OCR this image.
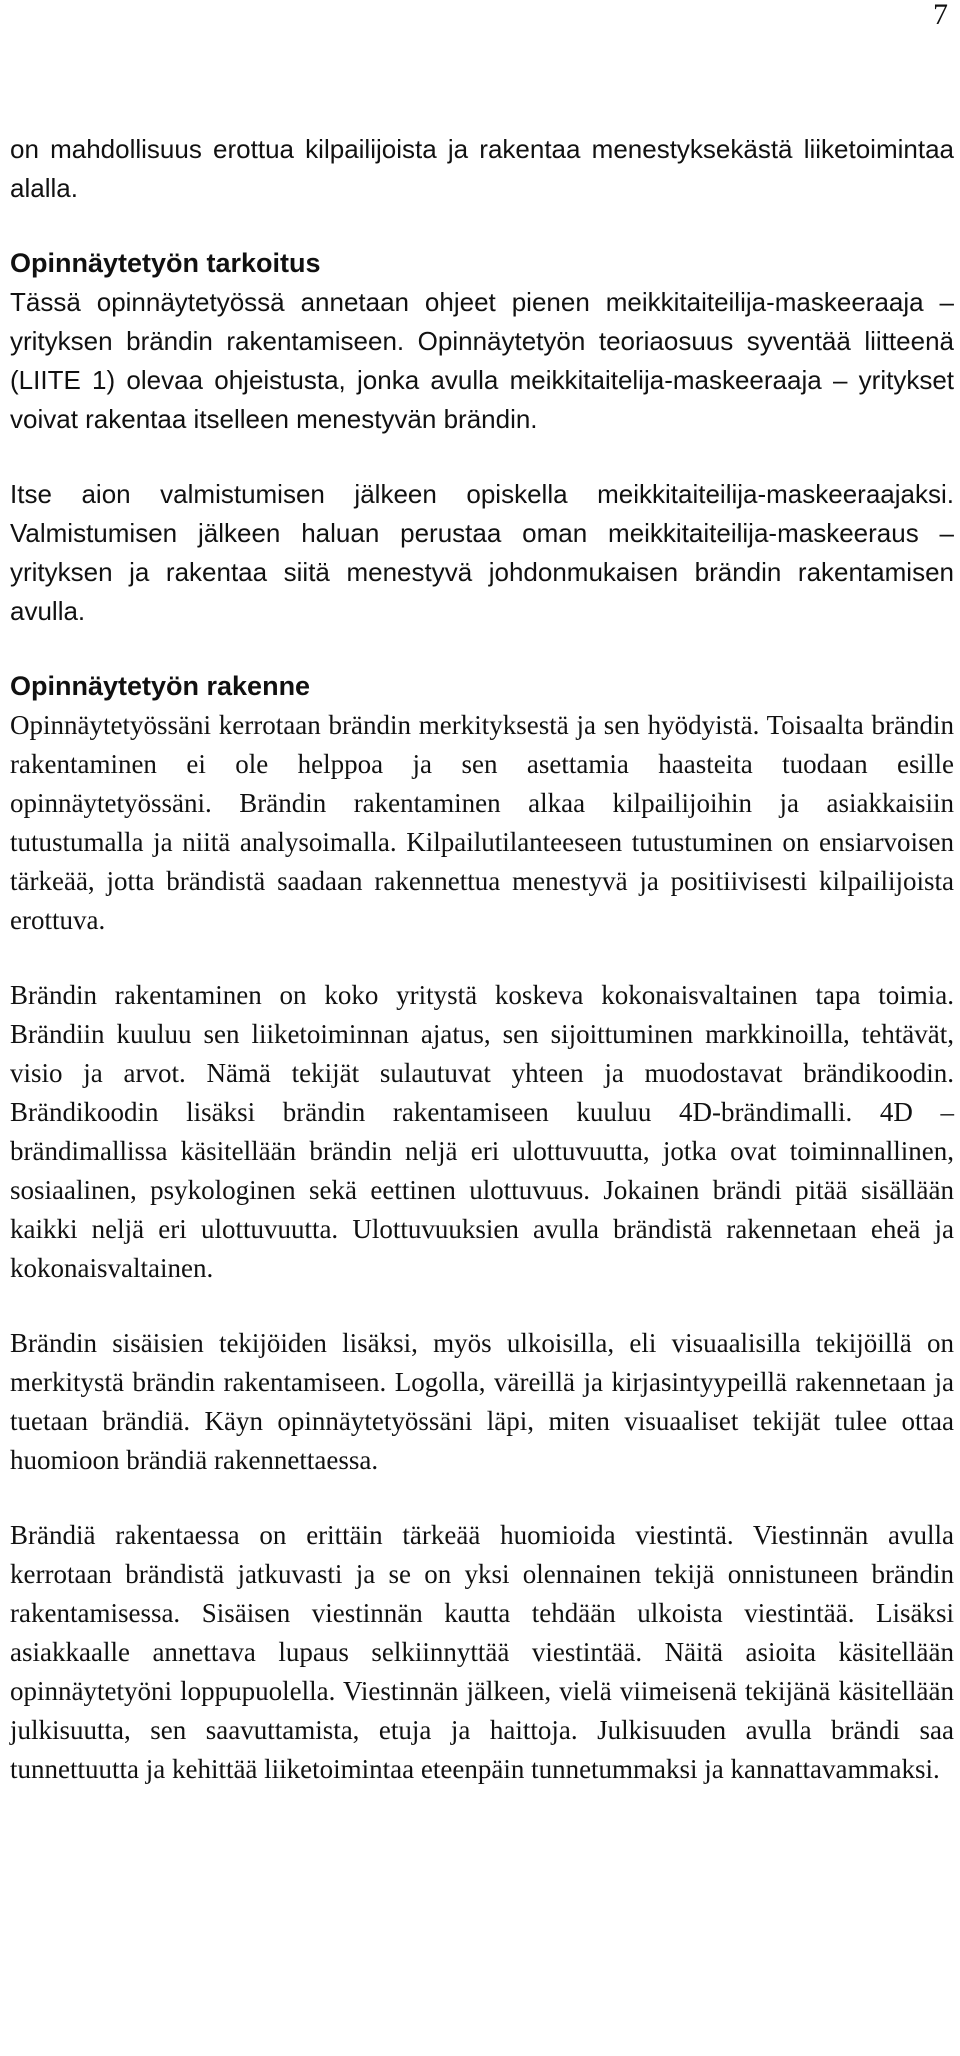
7

on mahdollisuus erottua kilpailijoista ja rakentaa menestyksekästä liiketoimintaa alalla.

Opinnäytetyön tarkoitus

Tässä opinnäytetyössä annetaan ohjeet pienen meikkitaiteilija-maskeeraaja – yrityksen brändin rakentamiseen. Opinnäytetyön teoriaosuus syventää liitteenä (LIITE 1) olevaa ohjeistusta, jonka avulla meikkitaitelija-maskeeraaja – yritykset voivat rakentaa itselleen menestyvän brändin.

Itse aion valmistumisen jälkeen opiskella meikkitaiteilija-maskeeraajaksi. Valmistumisen jälkeen haluan perustaa oman meikkitaiteilija-maskeeraus – yrityksen ja rakentaa siitä menestyvä johdonmukaisen brändin rakentamisen avulla.

Opinnäytetyön rakenne

Opinnäytetyössäni kerrotaan brändin merkityksestä ja sen hyödyistä. Toisaalta brändin rakentaminen ei ole helppoa ja sen asettamia haasteita tuodaan esille opinnäytetyössäni. Brändin rakentaminen alkaa kilpailijoihin ja asiakkaisiin tutustumalla ja niitä analysoimalla. Kilpailutilanteeseen tutustuminen on ensiarvoisen tärkeää, jotta brändistä saadaan rakennettua menestyvä ja positiivisesti kilpailijoista erottuva.

Brändin rakentaminen on koko yritystä koskeva kokonaisvaltainen tapa toimia. Brändiin kuuluu sen liiketoiminnan ajatus, sen sijoittuminen markkinoilla, tehtävät, visio ja arvot. Nämä tekijät sulautuvat yhteen ja muodostavat brändikoodin. Brändikoodin lisäksi brändin rakentamiseen kuuluu 4D-brändimalli. 4D –brändimallissa käsitellään brändin neljä eri ulottuvuutta, jotka ovat toiminnallinen, sosiaalinen, psykologinen sekä eettinen ulottuvuus. Jokainen brändi pitää sisällään kaikki neljä eri ulottuvuutta. Ulottuvuuksien avulla brändistä rakennetaan eheä ja kokonaisvaltainen.

Brändin sisäisien tekijöiden lisäksi, myös ulkoisilla, eli visuaalisilla tekijöillä on merkitystä brändin rakentamiseen. Logolla, väreillä ja kirjasintyypeillä rakennetaan ja tuetaan brändiä. Käyn opinnäytetyössäni läpi, miten visuaaliset tekijät tulee ottaa huomioon brändiä rakennettaessa.

Brändiä rakentaessa on erittäin tärkeää huomioida viestintä. Viestinnän avulla kerrotaan brändistä jatkuvasti ja se on yksi olennainen tekijä onnistuneen brändin rakentamisessa. Sisäisen viestinnän kautta tehdään ulkoista viestintää. Lisäksi asiakkaalle annettava lupaus selkiinnyttää viestintää. Näitä asioita käsitellään opinnäytetyöni loppupuolella. Viestinnän jälkeen, vielä viimeisenä tekijänä käsitellään julkisuutta, sen saavuttamista, etuja ja haittoja. Julkisuuden avulla brändi saa tunnettuutta ja kehittää liiketoimintaa eteenpäin tunnetummaksi ja kannattavammaksi.
